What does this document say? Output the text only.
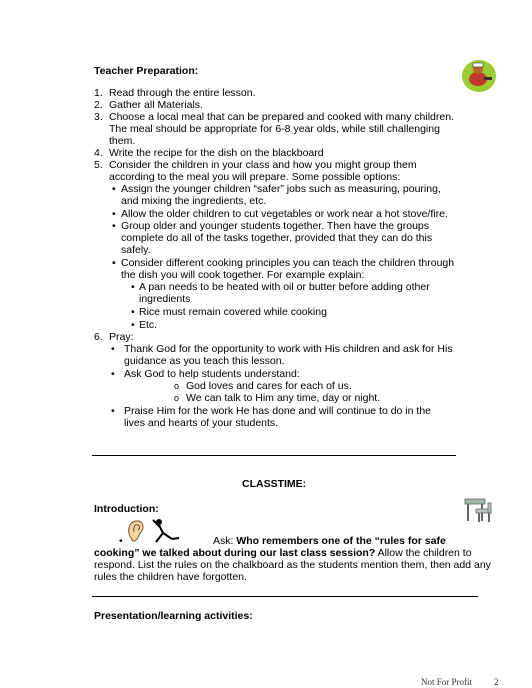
Teacher Preparation:
1. Read through the entire lesson.
2. Gather all Materials.
3. Choose a local meal that can be prepared and cooked with many children.
The meal should be appropriate for 6-8 year olds, while still challenging
them.
4. Write the recipe for the dish on the blackboard
5. Consider the children in your class and how you might group them
according to the meal you will prepare. Some possible options:
• Assign the younger children “safer” jobs such as measuring, pouring,
and mixing the ingredients, etc.
• Allow the older children to cut vegetables or work near a hot stove/fire.
• Group older and younger students together. Then have the groups
complete do all of the tasks together, provided that they can do this
safely.
• Consider different cooking principles you can teach the children through
the dish you will cook together. For example explain:
• A pan needs to be heated with oil or butter before adding other
ingredients
• Rice must remain covered while cooking
• Etc.
6. Pray:
• Thank God for the opportunity to work with His children and ask for His
guidance as you teach this lesson.
• Ask God to help students understand:
o God loves and cares for each of us.
o We can talk to Him any time, day or night.
• Praise Him for the work He has done and will continue to do in the
lives and hearts of your students.
CLASSTIME:
Introduction:
•	Ask: Who remembers one of the “rules for safe
cooking” we talked about during our last class session? Allow the children to
respond. List the rules on the chalkboard as the students mention them, then add any
rules the children have forgotten.
Presentation/learning activities:
Not For Profit 2
